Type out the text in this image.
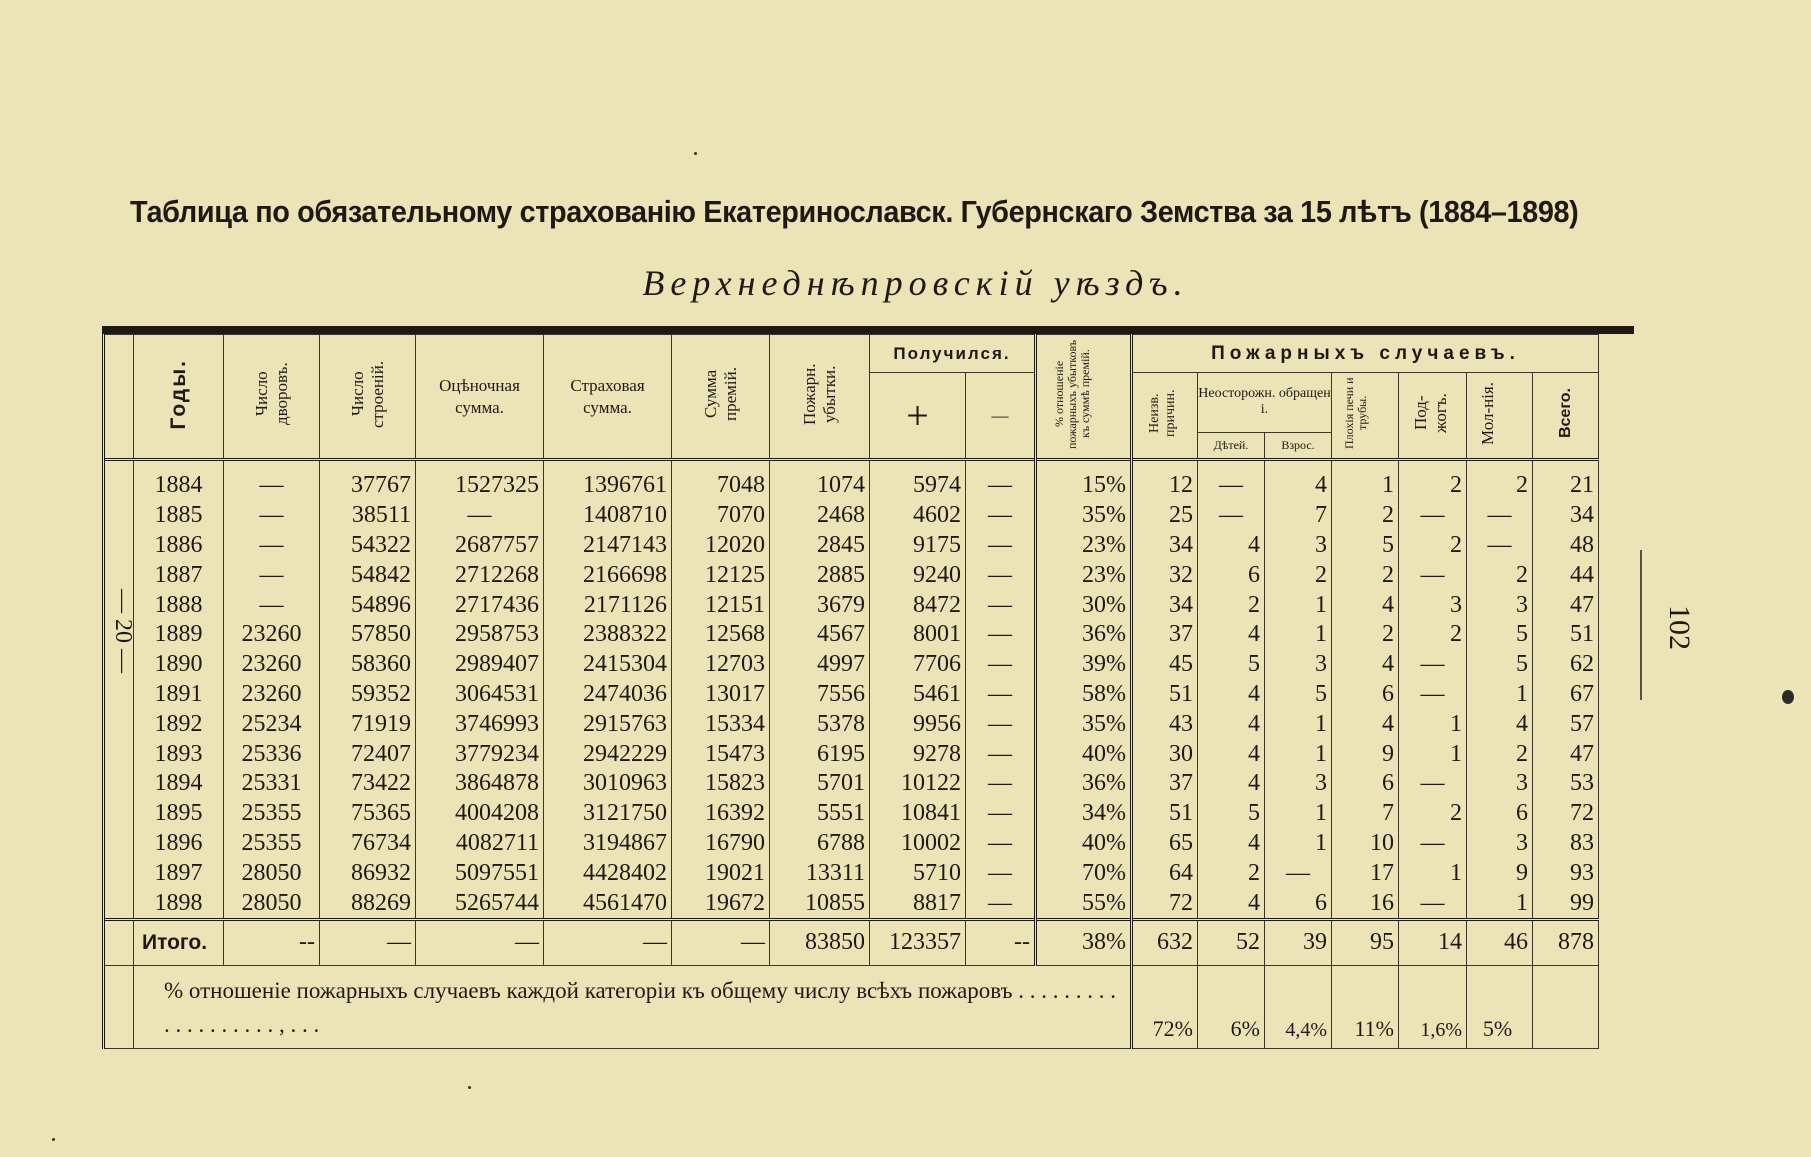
Таблица по обязательному страхованію Екатеринославск. Губернскаго Земства за 15 лѣтъ (1884–1898)
Верхнеднѣпровскій уѣздъ.
— 20 —	102
	Годы.	Число дворовъ.	Число строеній.	Оцѣночная сумма.	Страховая сумма.	Сумма премій.	Пожарн. убытки.	Получился.		% отношеніе пожарныхъ убытковъ къ суммѣ премій.	Пожарныхъ случаевъ.						
								+	—		Неизв. причин.	Неосторожн. обращен і.		Плохія печи и трубы.	Под-жогъ.	Мол-нія.	Всего.
												Дѣтей.	Взрос.				
	1884	—	37767	1527325	1396761	7048	1074	5974	—	15%	12	—	4	1	2	2	21
	1885	—	38511	—	1408710	7070	2468	4602	—	35%	25	—	7	2	—	—	34
	1886	—	54322	2687757	2147143	12020	2845	9175	—	23%	34	4	3	5	2	—	48
	1887	—	54842	2712268	2166698	12125	2885	9240	—	23%	32	6	2	2	—	2	44
	1888	—	54896	2717436	2171126	12151	3679	8472	—	30%	34	2	1	4	3	3	47
	1889	23260	57850	2958753	2388322	12568	4567	8001	—	36%	37	4	1	2	2	5	51
	1890	23260	58360	2989407	2415304	12703	4997	7706	—	39%	45	5	3	4	—	5	62
	1891	23260	59352	3064531	2474036	13017	7556	5461	—	58%	51	4	5	6	—	1	67
	1892	25234	71919	3746993	2915763	15334	5378	9956	—	35%	43	4	1	4	1	4	57
	1893	25336	72407	3779234	2942229	15473	6195	9278	—	40%	30	4	1	9	1	2	47
	1894	25331	73422	3864878	3010963	15823	5701	10122	—	36%	37	4	3	6	—	3	53
	1895	25355	75365	4004208	3121750	16392	5551	10841	—	34%	51	5	1	7	2	6	72
	1896	25355	76734	4082711	3194867	16790	6788	10002	—	40%	65	4	1	10	—	3	83
	1897	28050	86932	5097551	4428402	19021	13311	5710	—	70%	64	2	—	17	1	9	93
	1898	28050	88269	5265744	4561470	19672	10855	8817	—	55%	72	4	6	16	—	1	99
	Итого.	--	—	—	—	—	83850	123357	--	38%	632	52	39	95	14	46	878
	% отношеніе пожарныхъ случаевъ каждой категоріи къ общему числу всѣхъ пожаровъ . . . . . . . . . . . . . . . . . . . , . . .										72%	6%	4,4%	11%	1,6%	5%	
